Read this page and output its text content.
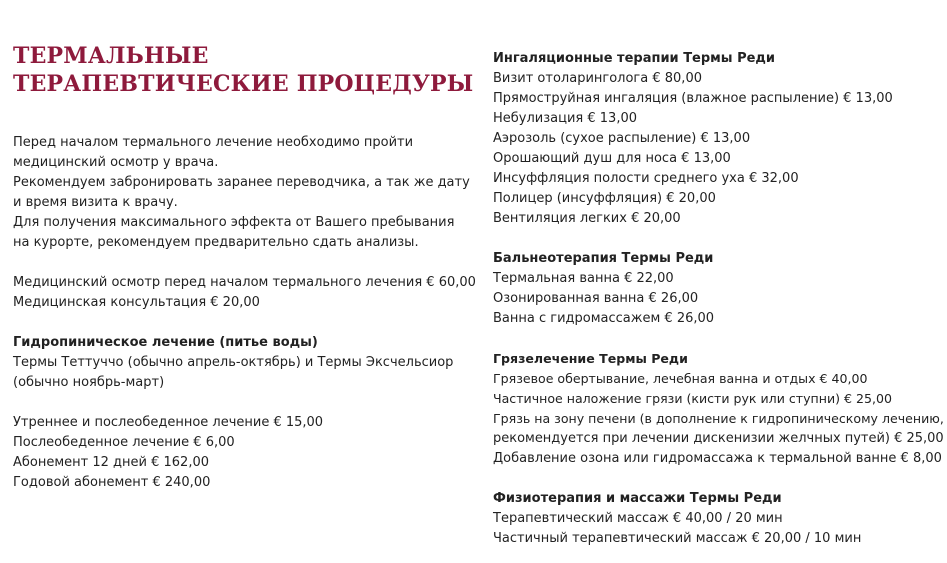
ТЕРМАЛЬНЫЕ
ТЕРАПЕВТИЧЕСКИЕ ПРОЦЕДУРЫ

Перед началом термального лечение необходимо пройти

медицинский осмотр у врача.

Рекомендуем забронировать заранее переводчика, а так же дату

и время визита к врачу.

Для получения максимального эффекта от Вашего пребывания

на курорте, рекомендуем предварительно сдать анализы.

Медицинский осмотр перед началом термального лечения € 60,00

Медицинская консультация € 20,00

Гидропиническое лечение (питье воды)

Термы Теттуччо (обычно апрель-октябрь) и Термы Эксчельсиор

(обычно ноябрь-март)

Утреннее и послеобеденное лечение € 15,00

Послеобеденное лечение € 6,00

Абонемент 12 дней € 162,00

Годовой абонемент € 240,00

Ингаляционные терапии Термы Реди

Визит отоларинголога € 80,00

Прямоструйная ингаляция (влажное распыление) € 13,00

Небулизация € 13,00

Аэрозоль (сухое распыление) € 13,00

Орошающий душ для носа € 13,00

Инсуффляция полости среднего уха € 32,00

Полицер (инсуффляция) € 20,00

Вентиляция легких € 20,00

Бальнеотерапия Термы Реди

Термальная ванна € 22,00

Озонированная ванна € 26,00

Ванна с гидромассажем € 26,00

Грязелечение Термы Реди

Грязевое обертывание, лечебная ванна и отдых € 40,00

Частичное наложение грязи (кисти рук или ступни) € 25,00

Грязь на зону печени (в дополнение к гидропиническому лечению,

рекомендуется при лечении дискенизии желчных путей) € 25,00

Добавление озона или гидромассажа к термальной ванне € 8,00

Физиотерапия и массажи Термы Реди

Терапевтический массаж € 40,00 / 20 мин

Частичный терапевтический массаж € 20,00 / 10 мин
